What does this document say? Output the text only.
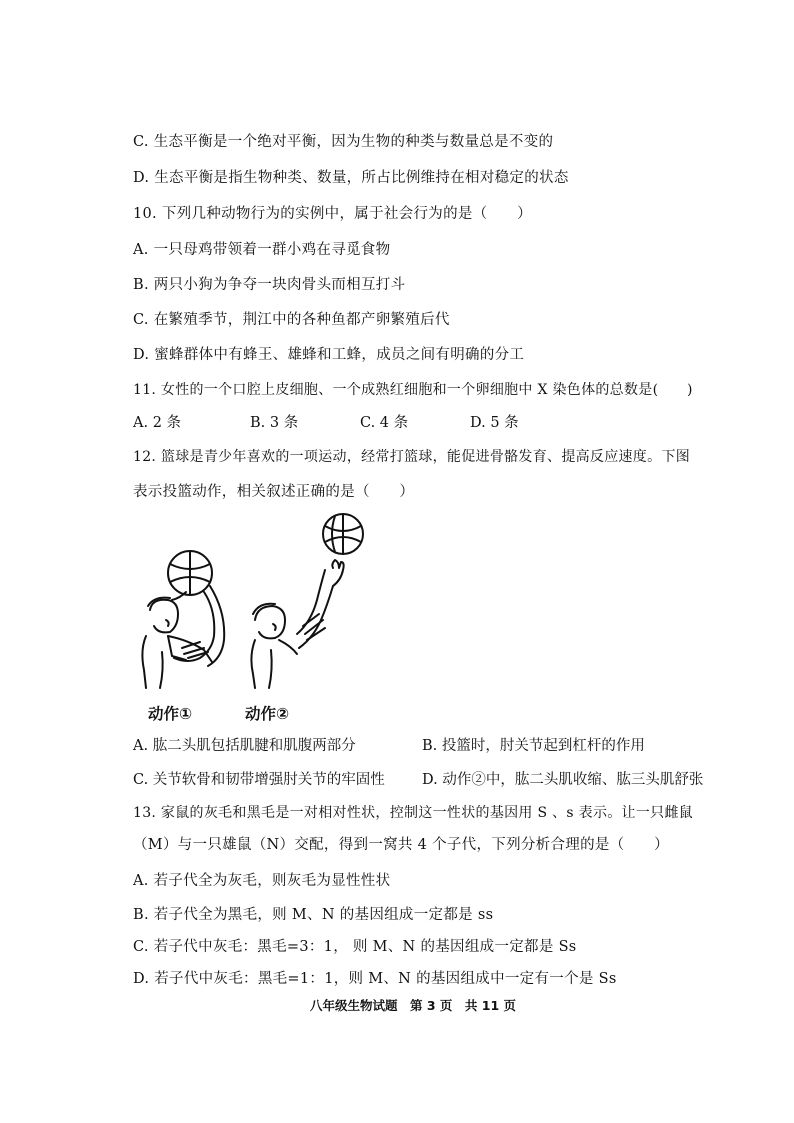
C. 生态平衡是一个绝对平衡，因为生物的种类与数量总是不变的
D. 生态平衡是指生物种类、数量，所占比例维持在相对稳定的状态
10. 下列几种动物行为的实例中，属于社会行为的是（　　）
A. 一只母鸡带领着一群小鸡在寻觅食物
B. 两只小狗为争夺一块肉骨头而相互打斗
C. 在繁殖季节，荆江中的各种鱼都产卵繁殖后代
D. 蜜蜂群体中有蜂王、雄蜂和工蜂，成员之间有明确的分工
11. 女性的一个口腔上皮细胞、一个成熟红细胞和一个卵细胞中 X 染色体的总数是(　　)
A. 2 条	B. 3 条	C. 4 条	D. 5 条
12. 篮球是青少年喜欢的一项运动，经常打篮球，能促进骨骼发育、提高反应速度。下图
表示投篮动作，相关叙述正确的是（　　）
动作①	动作②
A. 肱二头肌包括肌腱和肌腹两部分	B. 投篮时，肘关节起到杠杆的作用
C. 关节软骨和韧带增强肘关节的牢固性	D. 动作②中，肱二头肌收缩、肱三头肌舒张
13. 家鼠的灰毛和黑毛是一对相对性状，控制这一性状的基因用 S 、s 表示。让一只雌鼠
（M）与一只雄鼠（N）交配，得到一窝共 4 个子代，下列分析合理的是（　　）
A. 若子代全为灰毛，则灰毛为显性性状
B. 若子代全为黑毛，则 M、N 的基因组成一定都是 ss
C. 若子代中灰毛：黑毛=3：1， 则 M、N 的基因组成一定都是 Ss
D. 若子代中灰毛：黑毛=1：1，则 M、N 的基因组成中一定有一个是 Ss
八年级生物试题　第 3 页　共 11 页
